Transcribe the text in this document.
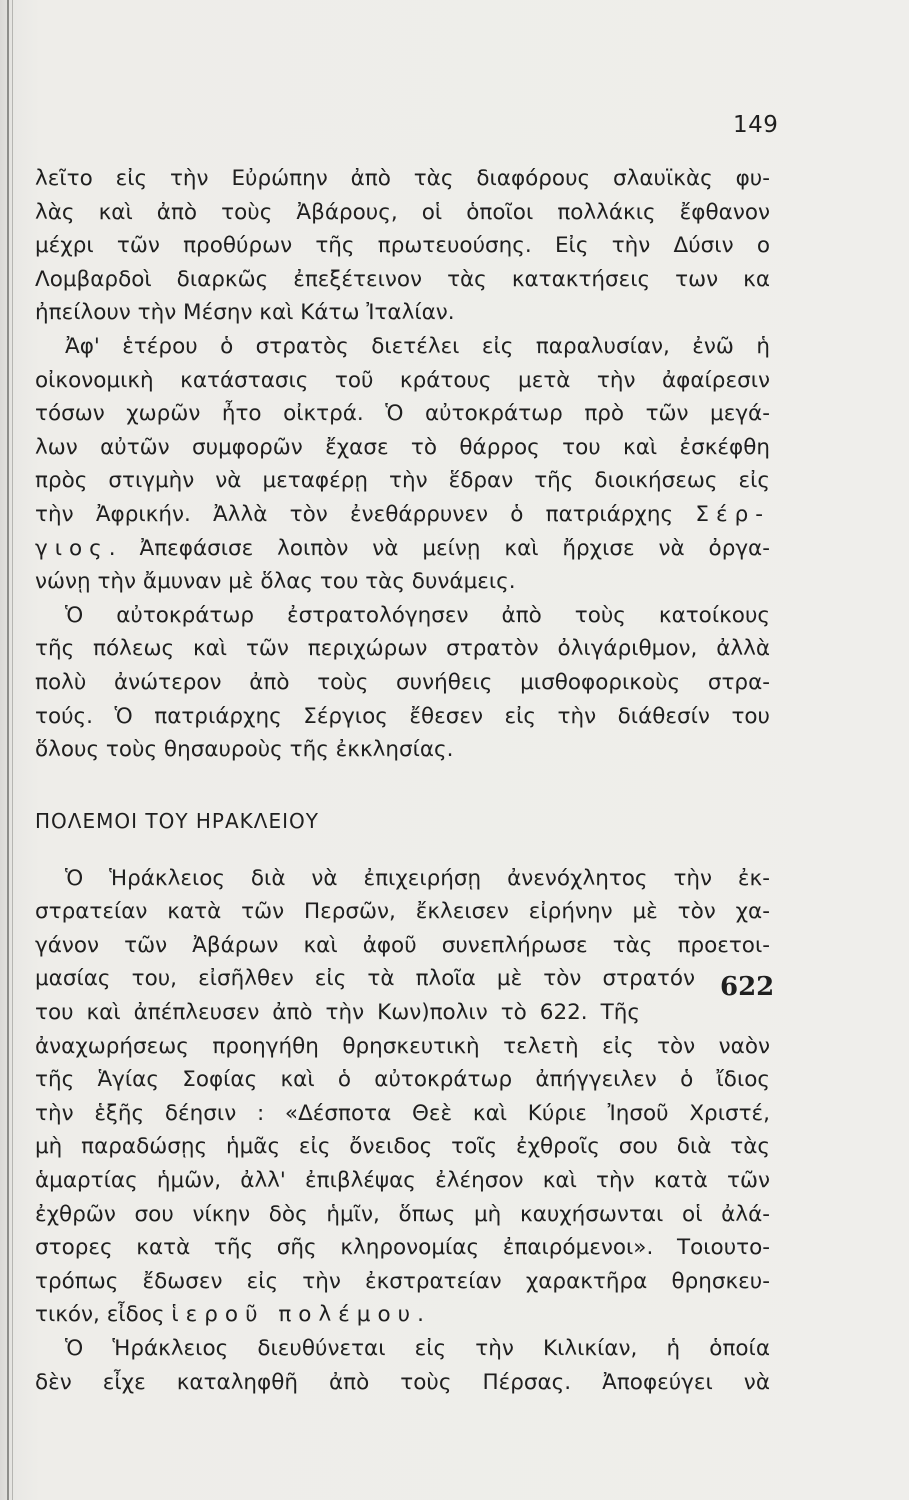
149
λεῖτο εἰς τὴν Εὐρώπην ἀπὸ τὰς διαφόρους σλαυϊκὰς φυ-
λὰς καὶ ἀπὸ τοὺς Ἀβάρους, οἱ ὁποῖοι πολλάκις ἔφθανον
μέχρι τῶν προθύρων τῆς πρωτευούσης. Εἰς τὴν Δύσιν ο
Λομβαρδοὶ διαρκῶς ἐπεξέτεινον τὰς κατακτήσεις των κα
ἠπείλουν τὴν Μέσην καὶ Κάτω Ἰταλίαν.
Ἀφ' ἑτέρου ὁ στρατὸς διετέλει εἰς παραλυσίαν, ἐνῶ ἡ
οἰκονομικὴ κατάστασις τοῦ κράτους μετὰ τὴν ἀφαίρεσιν
τόσων χωρῶν ἦτο οἰκτρά. Ὁ αὐτοκράτωρ πρὸ τῶν μεγά-
λων αὐτῶν συμφορῶν ἔχασε τὸ θάρρος του καὶ ἐσκέφθη
πρὸς στιγμὴν νὰ μεταφέρῃ τὴν ἕδραν τῆς διοικήσεως εἰς
τὴν Ἀφρικήν. Ἀλλὰ τὸν ἐνεθάρρυνεν ὁ πατριάρχης Σέρ-
γιος. Ἀπεφάσισε λοιπὸν νὰ μείνῃ καὶ ἤρχισε νὰ ὀργα-
νώνῃ τὴν ἄμυναν μὲ ὅλας του τὰς δυνάμεις.
Ὁ αὐτοκράτωρ ἐστρατολόγησεν ἀπὸ τοὺς κατοίκους
τῆς πόλεως καὶ τῶν περιχώρων στρατὸν ὀλιγάριθμον, ἀλλὰ
πολὺ ἀνώτερον ἀπὸ τοὺς συνήθεις μισθοφορικοὺς στρα-
τούς. Ὁ πατριάρχης Σέργιος ἔθεσεν εἰς τὴν διάθεσίν του
ὅλους τοὺς θησαυροὺς τῆς ἐκκλησίας.
ΠΟΛΕΜΟΙ ΤΟΥ ΗΡΑΚΛΕΙΟΥ
Ὁ Ἡράκλειος διὰ νὰ ἐπιχειρήσῃ ἀνενόχλητος τὴν ἐκ-
στρατείαν κατὰ τῶν Περσῶν, ἔκλεισεν εἰρήνην μὲ τὸν χα-
γάνον τῶν Ἀβάρων καὶ ἀφοῦ συνεπλήρωσε τὰς προετοι-
μασίας του, εἰσῆλθεν εἰς τὰ πλοῖα μὲ τὸν στρατόν
του καὶ ἀπέπλευσεν ἀπὸ τὴν Κων)πολιν τὸ 622. Τῆς
ἀναχωρήσεως προηγήθη θρησκευτικὴ τελετὴ εἰς τὸν ναὸν
τῆς Ἁγίας Σοφίας καὶ ὁ αὐτοκράτωρ ἀπήγγειλεν ὁ ἴδιος
τὴν ἑξῆς δέησιν : «Δέσποτα Θεὲ καὶ Κύριε Ἰησοῦ Χριστέ,
μὴ παραδώσῃς ἡμᾶς εἰς ὄνειδος τοῖς ἐχθροῖς σου διὰ τὰς
ἁμαρτίας ἡμῶν, ἀλλ' ἐπιβλέψας ἐλέησον καὶ τὴν κατὰ τῶν
ἐχθρῶν σου νίκην δὸς ἡμῖν, ὅπως μὴ καυχήσωνται οἱ ἀλά-
στορες κατὰ τῆς σῆς κληρονομίας ἐπαιρόμενοι». Τοιουτο-
τρόπως ἔδωσεν εἰς τὴν ἐκστρατείαν χαρακτῆρα θρησκευ-
τικόν, εἶδος ἱεροῦ πολέμου.
Ὁ Ἡράκλειος διευθύνεται εἰς τὴν Κιλικίαν, ἡ ὁποία
δὲν εἶχε καταληφθῆ ἀπὸ τοὺς Πέρσας. Ἀποφεύγει νὰ
622
